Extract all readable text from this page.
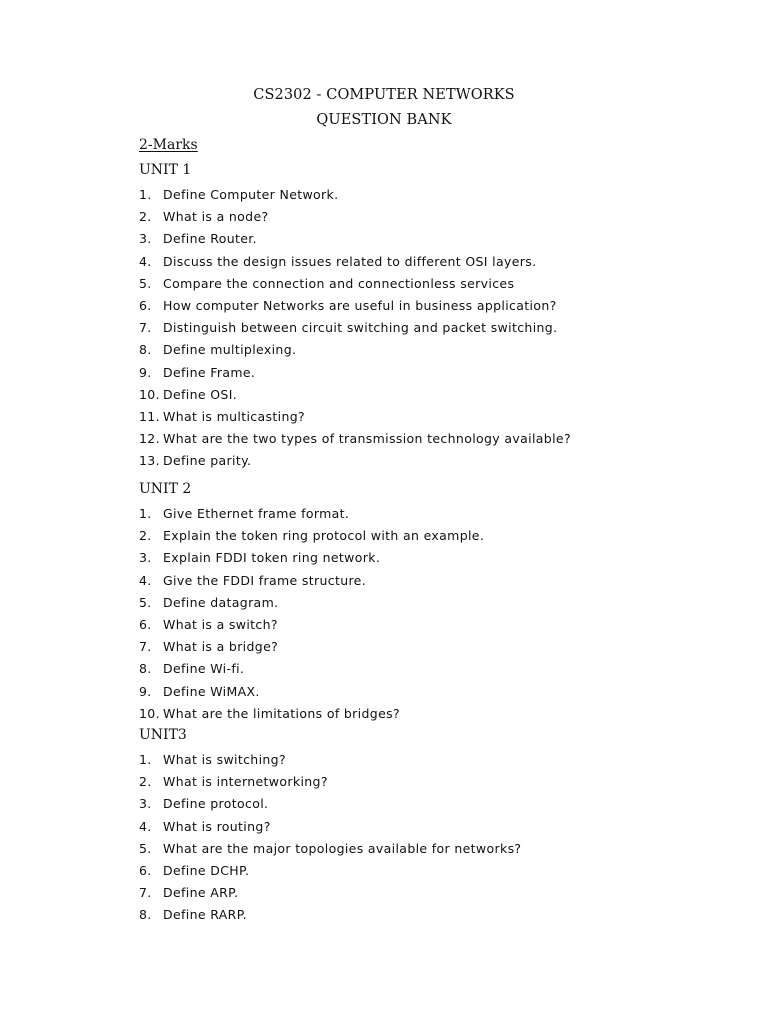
CS2302 - COMPUTER NETWORKS
QUESTION BANK
2-Marks
UNIT 1
1. Define Computer Network.
2. What is a node?
3. Define Router.
4. Discuss the design issues related to different OSI layers.
5. Compare the connection and connectionless services
6. How computer Networks are useful in business application?
7. Distinguish between circuit switching and packet switching.
8. Define multiplexing.
9. Define Frame.
10. Define OSI.
11. What is multicasting?
12. What are the two types of transmission technology available?
13. Define parity.
UNIT 2
1. Give Ethernet frame format.
2. Explain the token ring protocol with an example.
3. Explain FDDI token ring network.
4. Give the FDDI frame structure.
5. Define datagram.
6. What is a switch?
7. What is a bridge?
8. Define Wi-fi.
9. Define WiMAX.
10. What are the limitations of bridges?
UNIT3
1. What is switching?
2. What is internetworking?
3. Define protocol.
4. What is routing?
5. What are the major topologies available for networks?
6. Define DCHP.
7. Define ARP.
8. Define RARP.
